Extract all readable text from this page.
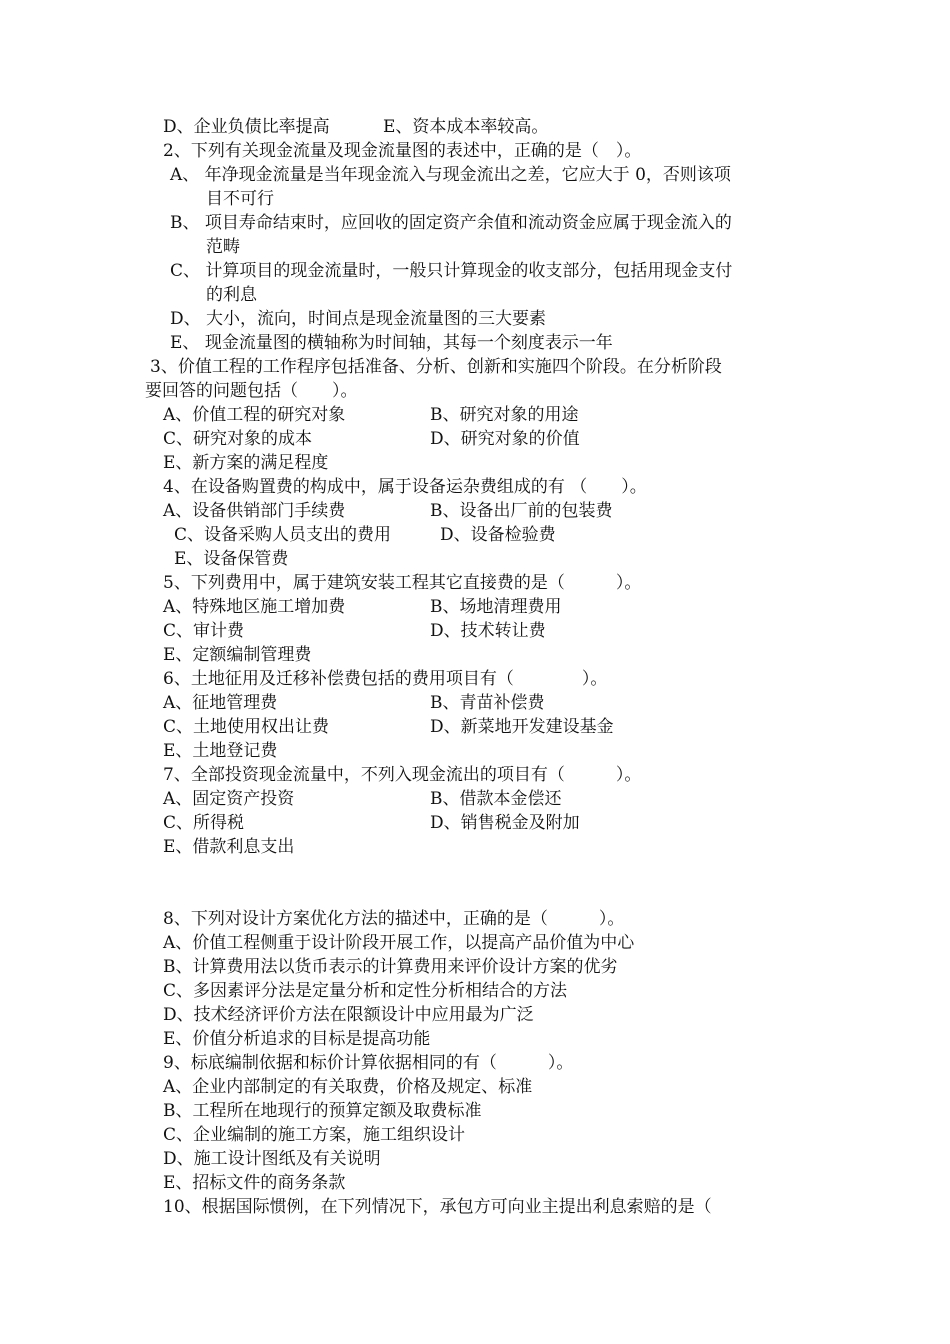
D、企业负债比率提高	E、资本成本率较高。
2、下列有关现金流量及现金流量图的表述中，正确的是（　）。
A、 年净现金流量是当年现金流入与现金流出之差，它应大于 0，否则该项
目不可行
B、 项目寿命结束时，应回收的固定资产余值和流动资金应属于现金流入的
范畴
C、 计算项目的现金流量时，一般只计算现金的收支部分，包括用现金支付
的利息
D、 大小，流向，时间点是现金流量图的三大要素
E、 现金流量图的横轴称为时间轴，其每一个刻度表示一年
3、价值工程的工作程序包括准备、分析、创新和实施四个阶段。在分析阶段
要回答的问题包括（　　）。
A、价值工程的研究对象	B、研究对象的用途
C、研究对象的成本	D、研究对象的价值
E、新方案的满足程度
4、在设备购置费的构成中，属于设备运杂费组成的有 （　　）。
A、设备供销部门手续费	B、设备出厂前的包装费
C、设备采购人员支出的费用	D、设备检验费
E、设备保管费
5、下列费用中，属于建筑安装工程其它直接费的是（　　　）。
A、特殊地区施工增加费	B、场地清理费用
C、审计费	D、技术转让费
E、定额编制管理费
6、土地征用及迁移补偿费包括的费用项目有（　　　　）。
A、征地管理费	B、青苗补偿费
C、土地使用权出让费	D、新菜地开发建设基金
E、土地登记费
7、全部投资现金流量中，不列入现金流出的项目有（　　　）。
A、固定资产投资	B、借款本金偿还
C、所得税	D、销售税金及附加
E、借款利息支出
8、下列对设计方案优化方法的描述中，正确的是（　　　）。
A、价值工程侧重于设计阶段开展工作，以提高产品价值为中心
B、计算费用法以货币表示的计算费用来评价设计方案的优劣
C、多因素评分法是定量分析和定性分析相结合的方法
D、技术经济评价方法在限额设计中应用最为广泛
E、价值分析追求的目标是提高功能
9、标底编制依据和标价计算依据相同的有（　　　）。
A、企业内部制定的有关取费，价格及规定、标准
B、工程所在地现行的预算定额及取费标准
C、企业编制的施工方案，施工组织设计
D、施工设计图纸及有关说明
E、招标文件的商务条款
10、根据国际惯例，在下列情况下，承包方可向业主提出利息索赔的是（
